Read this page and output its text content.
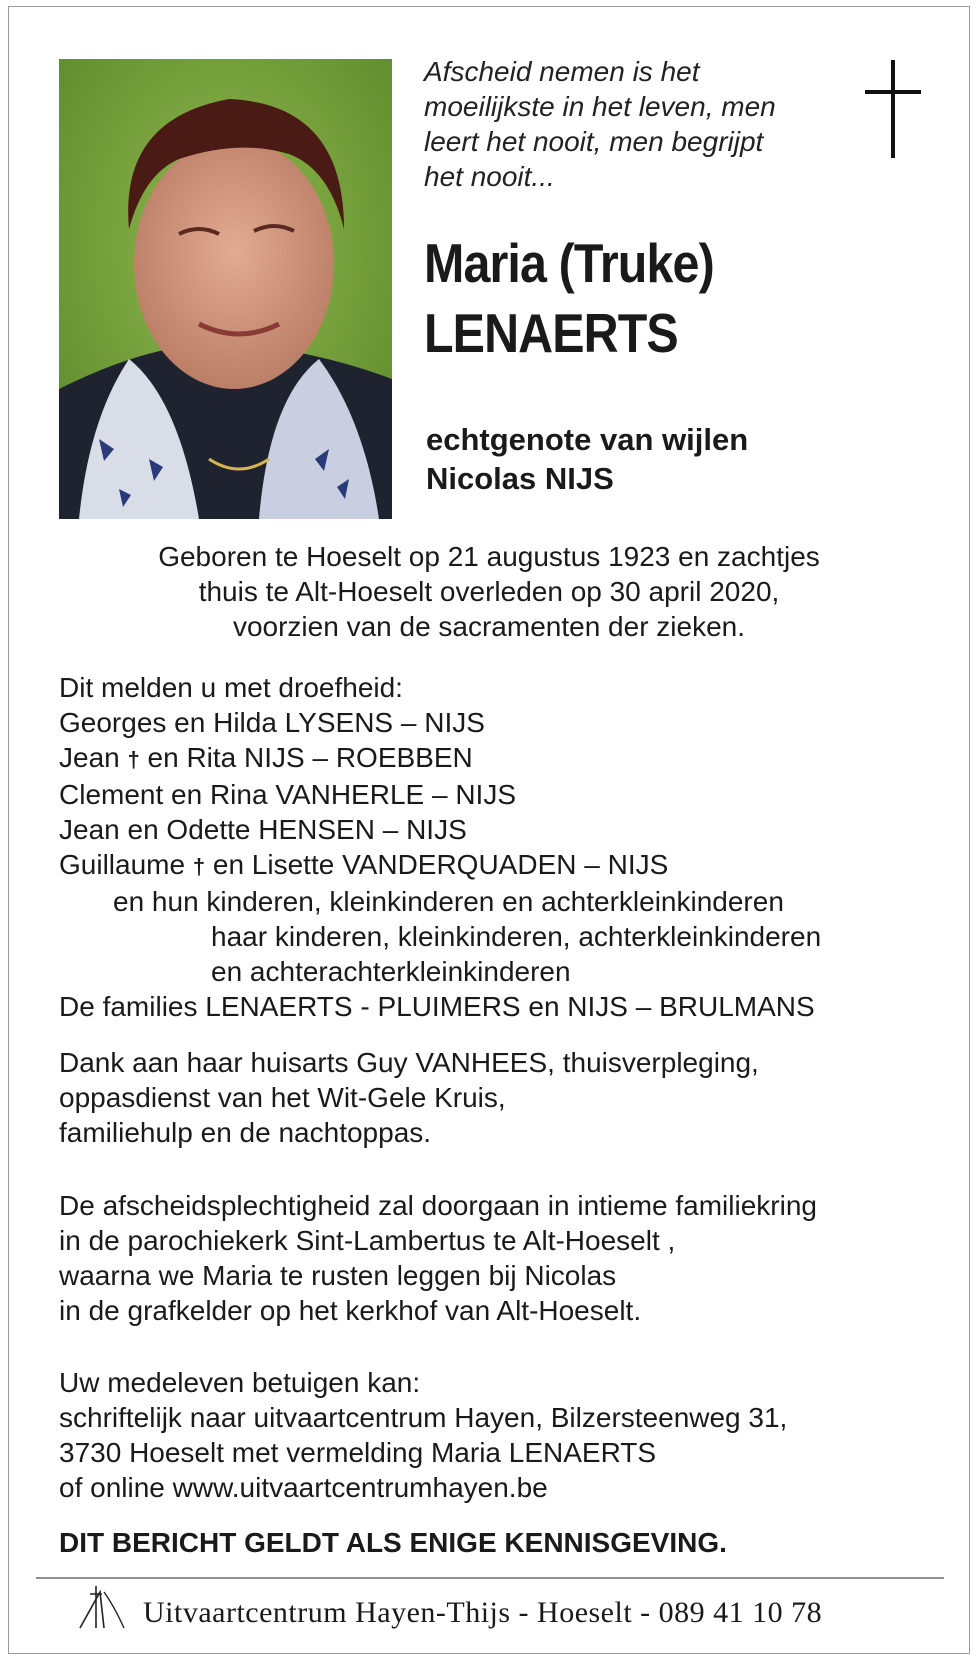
Afscheid nemen is het
moeilijkste in het leven, men
leert het nooit, men begrijpt
het nooit...
Maria (Truke)
LENAERTS
echtgenote van wijlen
Nicolas NIJS
Geboren te Hoeselt op 21 augustus 1923 en zachtjes
thuis te Alt-Hoeselt overleden op 30 april 2020,
voorzien van de sacramenten der zieken.
Dit melden u met droefheid:
Georges en Hilda LYSENS – NIJS
Jean † en Rita NIJS – ROEBBEN
Clement en Rina VANHERLE – NIJS
Jean en Odette HENSEN – NIJS
Guillaume † en Lisette VANDERQUADEN – NIJS
en hun kinderen, kleinkinderen en achterkleinkinderen
haar kinderen, kleinkinderen, achterkleinkinderen
en achterachterkleinkinderen
De families LENAERTS - PLUIMERS en NIJS – BRULMANS
Dank aan haar huisarts Guy VANHEES, thuisverpleging,
oppasdienst van het Wit-Gele Kruis,
familiehulp en de nachtoppas.
De afscheidsplechtigheid zal doorgaan in intieme familiekring
in de parochiekerk Sint-Lambertus te Alt-Hoeselt ,
waarna we Maria te rusten leggen bij Nicolas
in de grafkelder op het kerkhof van Alt-Hoeselt.
Uw medeleven betuigen kan:
schriftelijk naar uitvaartcentrum Hayen, Bilzersteenweg 31,
3730 Hoeselt met vermelding Maria LENAERTS
of online www.uitvaartcentrumhayen.be
DIT BERICHT GELDT ALS ENIGE KENNISGEVING.
Uitvaartcentrum Hayen-Thijs - Hoeselt - 089 41 10 78
